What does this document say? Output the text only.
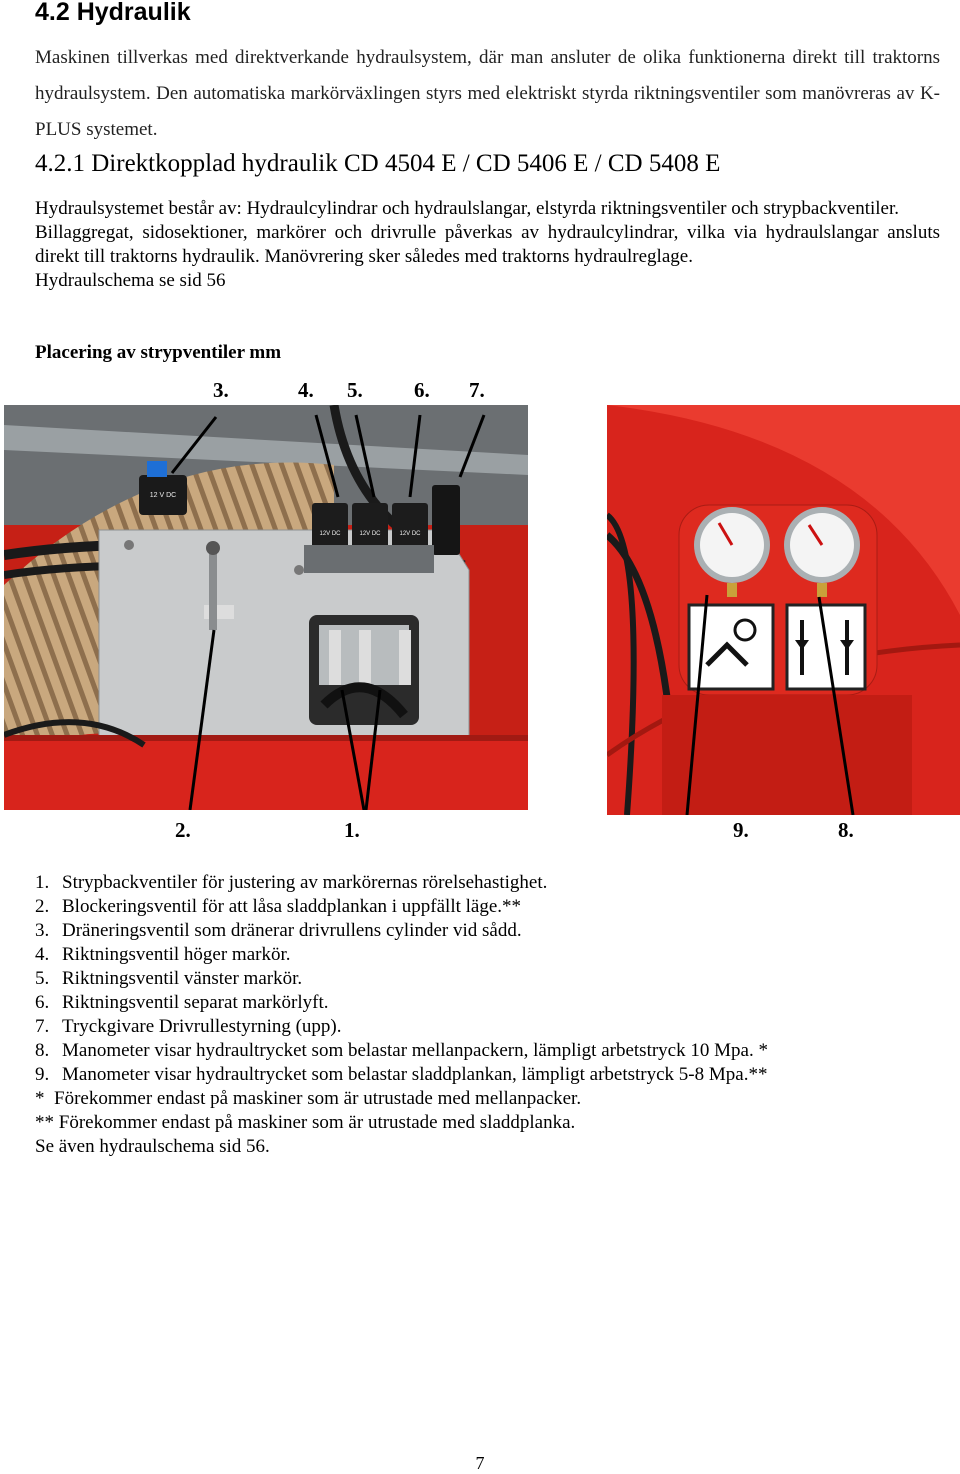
4.2 Hydraulik
Maskinen tillverkas med direktverkande hydraulsystem, där man ansluter de olika funktionerna direkt till traktorns hydraulsystem. Den automatiska markörväxlingen styrs med elektriskt styrda riktningsventiler som manövreras av K-PLUS systemet.
4.2.1 Direktkopplad hydraulik CD 4504 E / CD 5406 E / CD 5408 E
Hydraulsystemet består av: Hydraulcylindrar och hydraulslangar, elstyrda riktningsventiler och strypbackventiler.
Billaggregat, sidosektioner, markörer och drivrulle påverkas av hydraulcylindrar, vilka via hydraulslangar ansluts direkt till traktorns hydraulik. Manövrering sker således med traktorns hydraulreglage.
Hydraulschema se sid 56
Placering av strypventiler mm
3.	4. 5. 6. 7.
12 V DC
12V DC	12V DC	12V DC
2.	1.	9.	8.
1. Strypbackventiler för justering av markörernas rörelsehastighet.
2. Blockeringsventil för att låsa sladdplankan i uppfällt läge.**
3. Dräneringsventil som dränerar drivrullens cylinder vid sådd.
4. Riktningsventil höger markör.
5. Riktningsventil vänster markör.
6. Riktningsventil separat markörlyft.
7. Tryckgivare Drivrullestyrning (upp).
8. Manometer visar hydraultrycket som belastar mellanpackern, lämpligt arbetstryck 10 Mpa. *
9. Manometer visar hydraultrycket som belastar sladdplankan, lämpligt arbetstryck 5-8 Mpa.**
*  Förekommer endast på maskiner som är utrustade med mellanpacker.
** Förekommer endast på maskiner som är utrustade med sladdplanka.
Se även hydraulschema sid 56.
7
